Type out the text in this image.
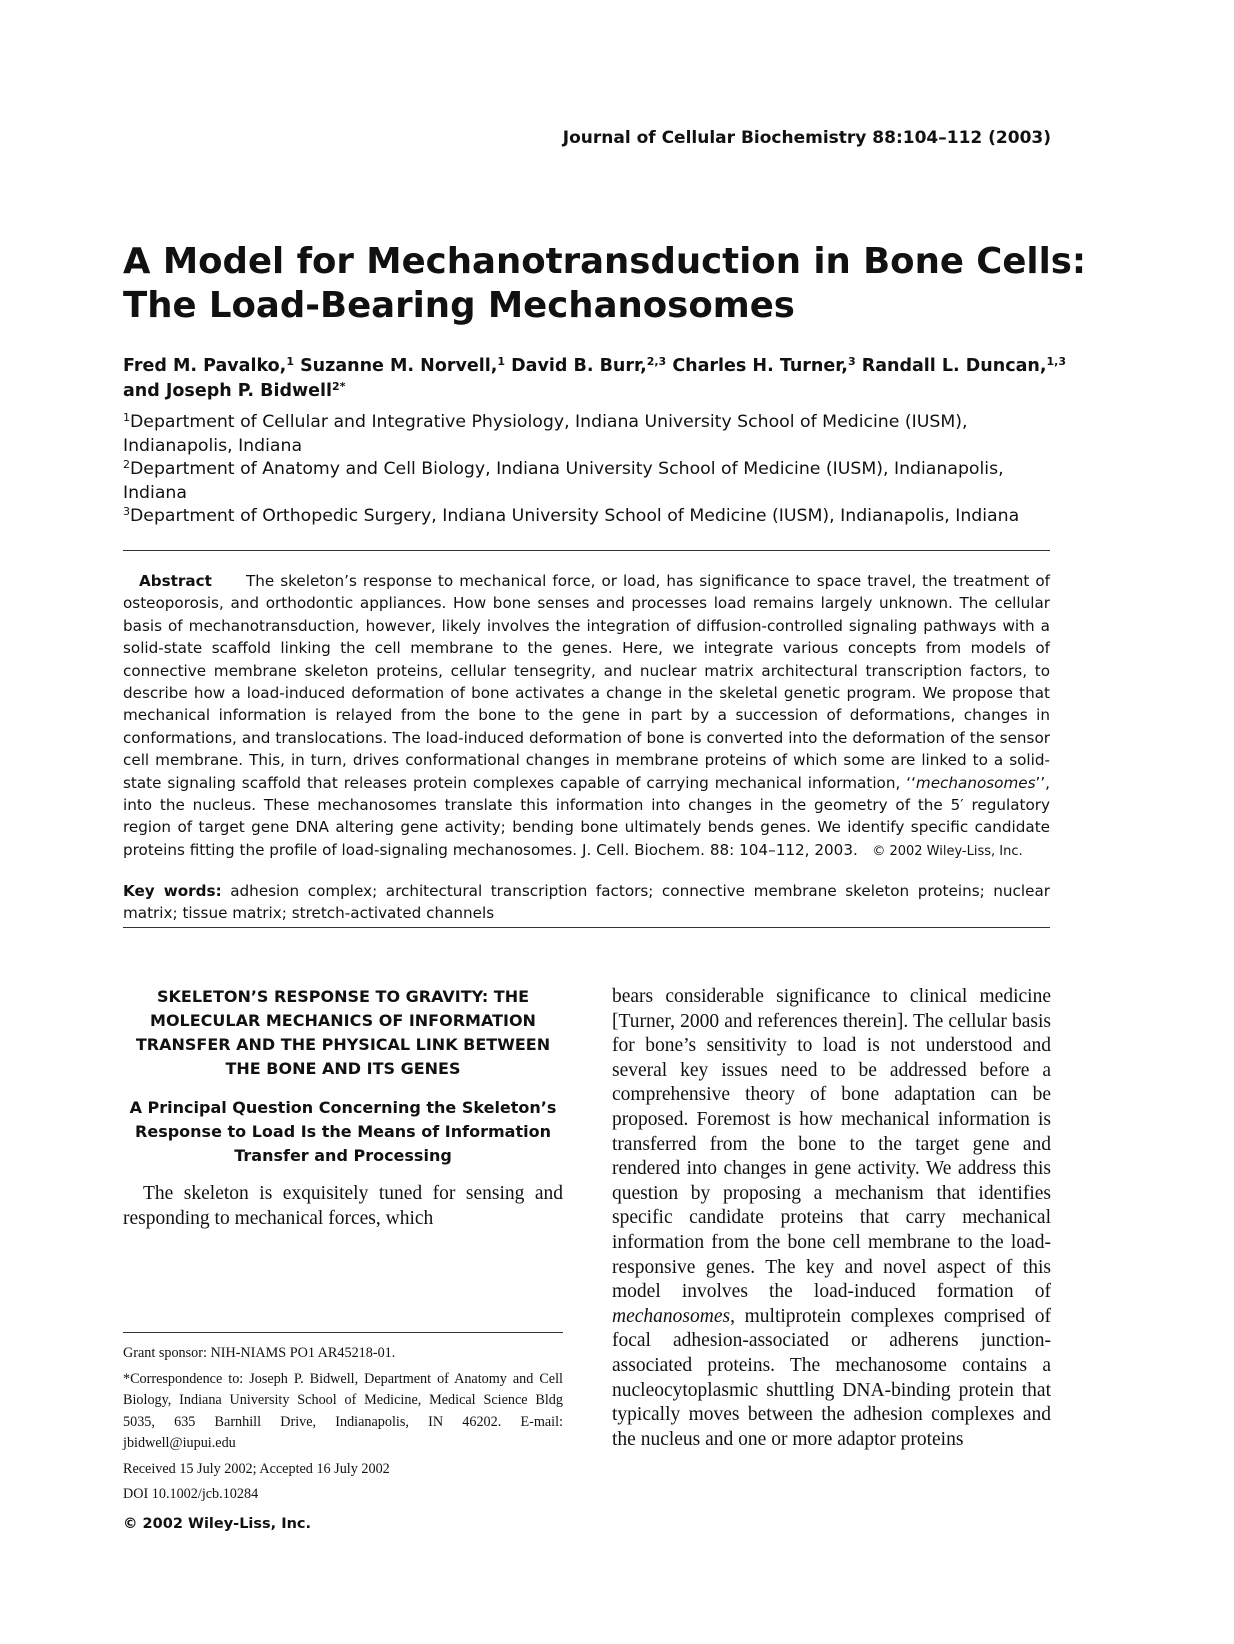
Journal of Cellular Biochemistry 88:104–112 (2003)
A Model for Mechanotransduction in Bone Cells:
The Load-Bearing Mechanosomes
Fred M. Pavalko,$^1$ Suzanne M. Norvell,$^1$ David B. Burr,$^{2,3}$ Charles H. Turner,$^3$ Randall L. Duncan,$^{1,3}$
and Joseph P. Bidwell$^{2*}$

$^1$Department of Cellular and Integrative Physiology, Indiana University School of Medicine (IUSM), Indianapolis, Indiana

$^2$Department of Anatomy and Cell Biology, Indiana University School of Medicine (IUSM), Indianapolis, Indiana

$^3$Department of Orthopedic Surgery, Indiana University School of Medicine (IUSM), Indianapolis, Indiana

Abstract The skeleton’s response to mechanical force, or load, has significance to space travel, the treatment of osteoporosis, and orthodontic appliances. How bone senses and processes load remains largely unknown. The cellular basis of mechanotransduction, however, likely involves the integration of diffusion-controlled signaling pathways with a solid-state scaffold linking the cell membrane to the genes. Here, we integrate various concepts from models of connective membrane skeleton proteins, cellular tensegrity, and nuclear matrix architectural transcription factors, to describe how a load-induced deformation of bone activates a change in the skeletal genetic program. We propose that mechanical information is relayed from the bone to the gene in part by a succession of deformations, changes in conformations, and translocations. The load-induced deformation of bone is converted into the deformation of the sensor cell membrane. This, in turn, drives conformational changes in membrane proteins of which some are linked to a solid-state signaling scaffold that releases protein complexes capable of carrying mechanical information, ‘‘mechanosomes’’, into the nucleus. These mechanosomes translate this information into changes in the geometry of the 5′ regulatory region of target gene DNA altering gene activity; bending bone ultimately bends genes. We identify specific candidate proteins fitting the profile of load-signaling mechanosomes. J. Cell. Biochem. 88: 104–112, 2003. © 2002 Wiley-Liss, Inc.
Key words: adhesion complex; architectural transcription factors; connective membrane skeleton proteins; nuclear matrix; tissue matrix; stretch-activated channels

SKELETON’S RESPONSE TO GRAVITY: THE MOLECULAR MECHANICS OF INFORMATION TRANSFER AND THE PHYSICAL LINK BETWEEN THE BONE AND ITS GENES

A Principal Question Concerning the Skeleton’s Response to Load Is the Means of Information Transfer and Processing

The skeleton is exquisitely tuned for sensing and responding to mechanical forces, which

Grant sponsor: NIH-NIAMS PO1 AR45218-01.

*Correspondence to: Joseph P. Bidwell, Department of Anatomy and Cell Biology, Indiana University School of Medicine, Medical Science Bldg 5035, 635 Barnhill Drive, Indianapolis, IN 46202. E-mail: jbidwell@iupui.edu

Received 15 July 2002; Accepted 16 July 2002

DOI 10.1002/jcb.10284

© 2002 Wiley-Liss, Inc.

bears considerable significance to clinical medicine [Turner, 2000 and references therein]. The cellular basis for bone’s sensitivity to load is not understood and several key issues need to be addressed before a comprehensive theory of bone adaptation can be proposed. Foremost is how mechanical information is transferred from the bone to the target gene and rendered into changes in gene activity. We address this question by proposing a mechanism that identifies specific candidate proteins that carry mechanical information from the bone cell membrane to the load-responsive genes. The key and novel aspect of this model involves the load-induced formation of mechanosomes, multiprotein complexes comprised of focal adhesion-associated or adherens junction-associated proteins. The mechanosome contains a nucleocytoplasmic shuttling DNA-binding protein that typically moves between the adhesion complexes and the nucleus and one or more adaptor proteins
